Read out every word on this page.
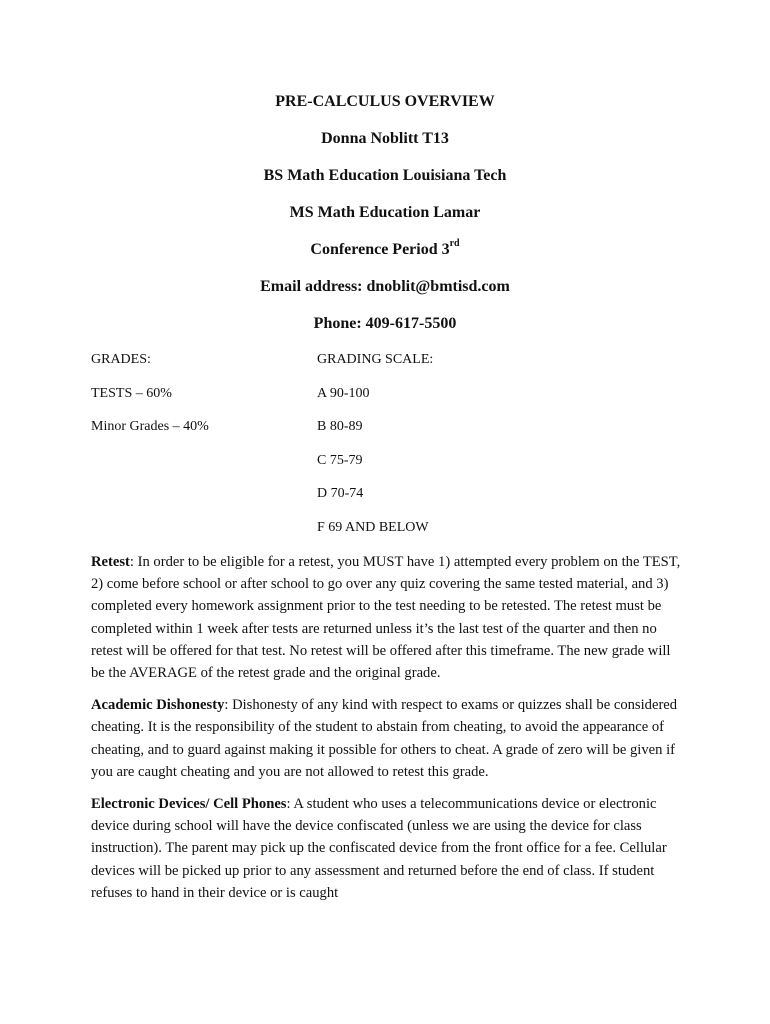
PRE-CALCULUS OVERVIEW
Donna Noblitt T13
BS Math Education Louisiana Tech
MS Math Education Lamar
Conference Period 3rd
Email address: dnoblit@bmtisd.com
Phone: 409-617-5500
GRADES:
TESTS – 60%
Minor Grades – 40%
GRADING SCALE:
A 90-100
B 80-89
C 75-79
D 70-74
F 69 AND BELOW

Retest: In order to be eligible for a retest, you MUST have 1) attempted every problem on the TEST, 2) come before school or after school to go over any quiz covering the same tested material, and 3) completed every homework assignment prior to the test needing to be retested. The retest must be completed within 1 week after tests are returned unless it’s the last test of the quarter and then no retest will be offered for that test. No retest will be offered after this timeframe. The new grade will be the AVERAGE of the retest grade and the original grade.

Academic Dishonesty: Dishonesty of any kind with respect to exams or quizzes shall be considered cheating. It is the responsibility of the student to abstain from cheating, to avoid the appearance of cheating, and to guard against making it possible for others to cheat. A grade of zero will be given if you are caught cheating and you are not allowed to retest this grade.

Electronic Devices/ Cell Phones: A student who uses a telecommunications device or electronic device during school will have the device confiscated (unless we are using the device for class instruction). The parent may pick up the confiscated device from the front office for a fee. Cellular devices will be picked up prior to any assessment and returned before the end of class. If student refuses to hand in their device or is caught
